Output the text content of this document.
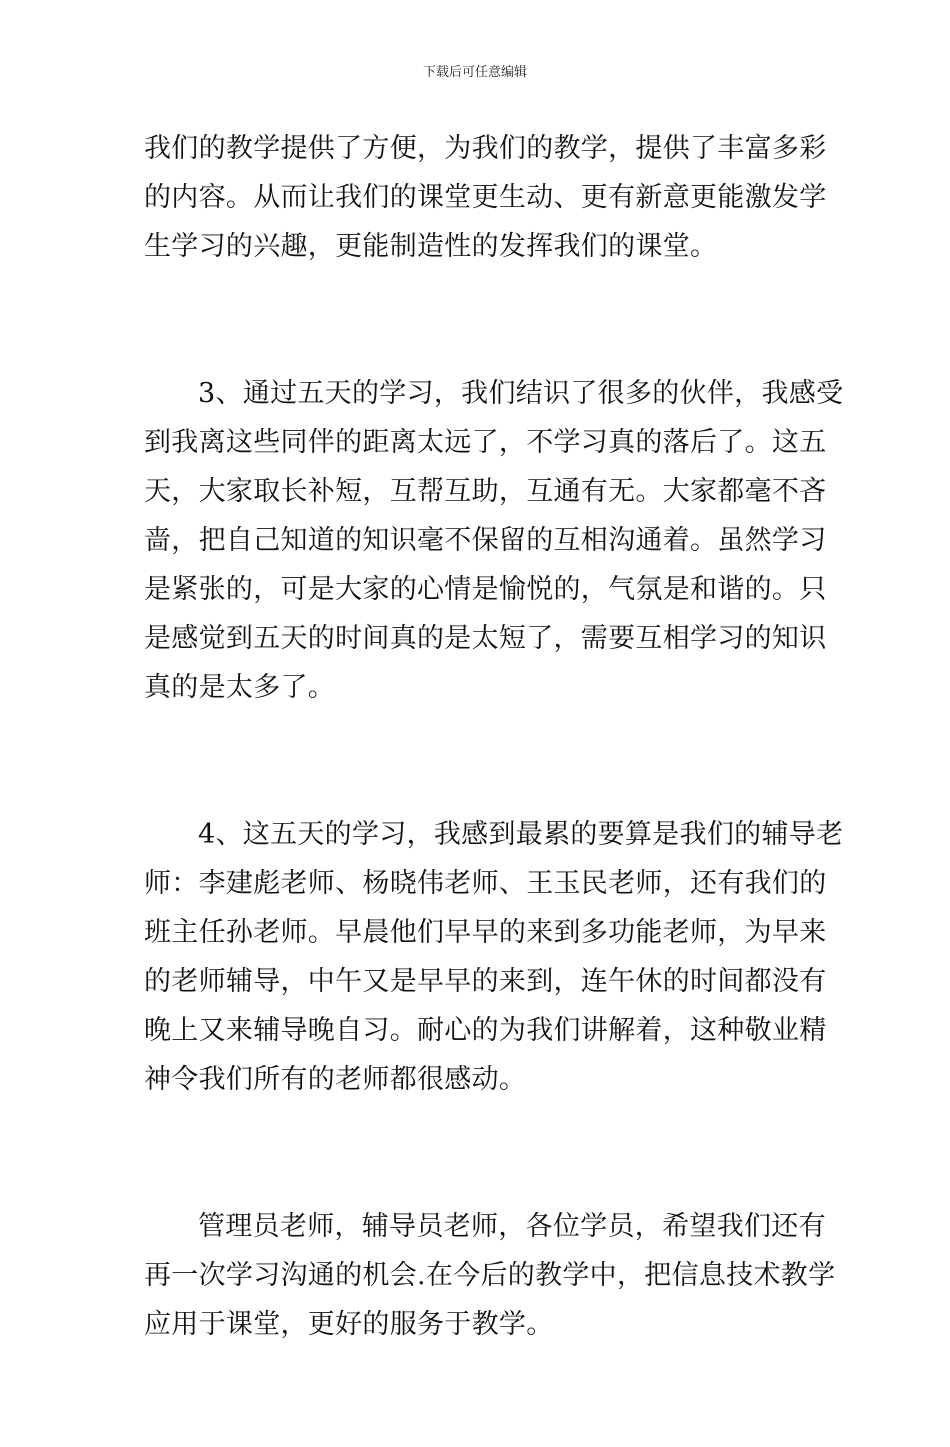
下载后可任意编辑
我们的教学提供了方便，为我们的教学，提供了丰富多彩
的内容。从而让我们的课堂更生动、更有新意更能激发学
生学习的兴趣，更能制造性的发挥我们的课堂。
3、通过五天的学习，我们结识了很多的伙伴，我感受
到我离这些同伴的距离太远了，不学习真的落后了。这五
天，大家取长补短，互帮互助，互通有无。大家都毫不吝
啬，把自己知道的知识毫不保留的互相沟通着。虽然学习
是紧张的，可是大家的心情是愉悦的，气氛是和谐的。只
是感觉到五天的时间真的是太短了，需要互相学习的知识
真的是太多了。
4、这五天的学习，我感到最累的要算是我们的辅导老
师：李建彪老师、杨晓伟老师、王玉民老师，还有我们的
班主任孙老师。早晨他们早早的来到多功能老师，为早来
的老师辅导，中午又是早早的来到，连午休的时间都没有
晚上又来辅导晚自习。耐心的为我们讲解着，这种敬业精
神令我们所有的老师都很感动。
管理员老师，辅导员老师，各位学员，希望我们还有
再一次学习沟通的机会.在今后的教学中，把信息技术教学
应用于课堂，更好的服务于教学。
